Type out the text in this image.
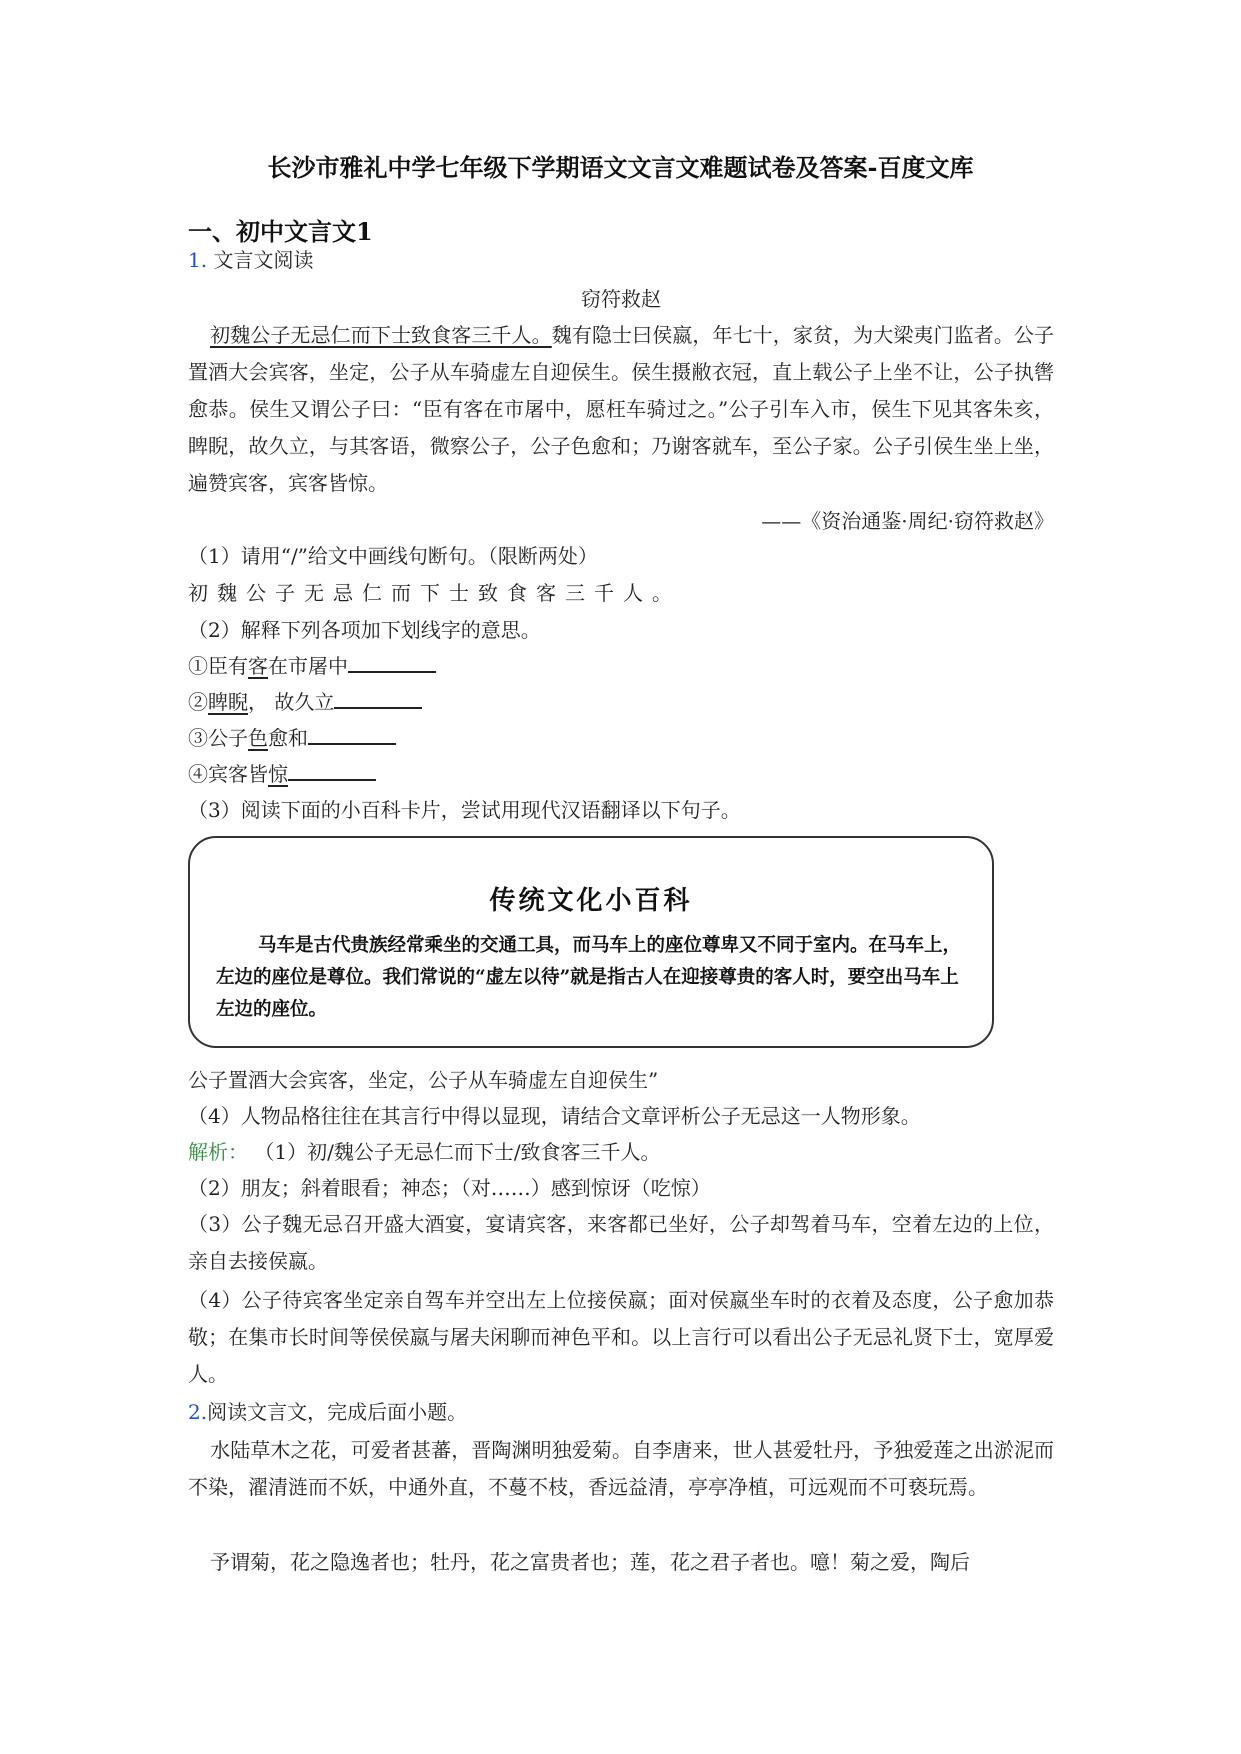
长沙市雅礼中学七年级下学期语文文言文难题试卷及答案-百度文库
一、初中文言文1
1. 文言文阅读
窃符救赵
初魏公子无忌仁而下士致食客三千人。魏有隐士曰侯嬴，年七十，家贫，为大梁夷门监者。公子置酒大会宾客，坐定，公子从车骑虚左自迎侯生。侯生摄敝衣冠，直上载公子上坐不让，公子执辔愈恭。侯生又谓公子曰：“臣有客在市屠中，愿枉车骑过之。”公子引车入市，侯生下见其客朱亥，睥睨，故久立，与其客语，微察公子，公子色愈和；乃谢客就车，至公子家。公子引侯生坐上坐，遍赞宾客，宾客皆惊。
——《资治通鉴·周纪·窃符救赵》
（1）请用“/”给文中画线句断句。（限断两处）
初魏公子无忌仁而下士致食客三千人。
（2）解释下列各项加下划线字的意思。
①臣有客在市屠中
②睥睨， 故久立
③公子色愈和
④宾客皆惊
（3）阅读下面的小百科卡片，尝试用现代汉语翻译以下句子。
传统文化小百科
马车是古代贵族经常乘坐的交通工具，而马车上的座位尊卑又不同于室内。在马车上，左边的座位是尊位。我们常说的“虚左以待”就是指古人在迎接尊贵的客人时，要空出马车上左边的座位。
公子置酒大会宾客，坐定，公子从车骑虚左自迎侯生”
（4）人物品格往往在其言行中得以显现，请结合文章评析公子无忌这一人物形象。
解析： （1）初/魏公子无忌仁而下士/致食客三千人。
（2）朋友；斜着眼看；神态；（对……）感到惊讶（吃惊）
（3）公子魏无忌召开盛大酒宴，宴请宾客，来客都已坐好，公子却驾着马车，空着左边的上位，亲自去接侯嬴。
（4）公子待宾客坐定亲自驾车并空出左上位接侯嬴；面对侯嬴坐车时的衣着及态度，公子愈加恭敬；在集市长时间等侯侯嬴与屠夫闲聊而神色平和。以上言行可以看出公子无忌礼贤下士，宽厚爱人。
2.阅读文言文，完成后面小题。
水陆草木之花，可爱者甚蕃，晋陶渊明独爱菊。自李唐来，世人甚爱牡丹，予独爱莲之出淤泥而不染，濯清涟而不妖，中通外直，不蔓不枝，香远益清，亭亭净植，可远观而不可亵玩焉。
予谓菊，花之隐逸者也；牡丹，花之富贵者也；莲，花之君子者也。噫！菊之爱，陶后
